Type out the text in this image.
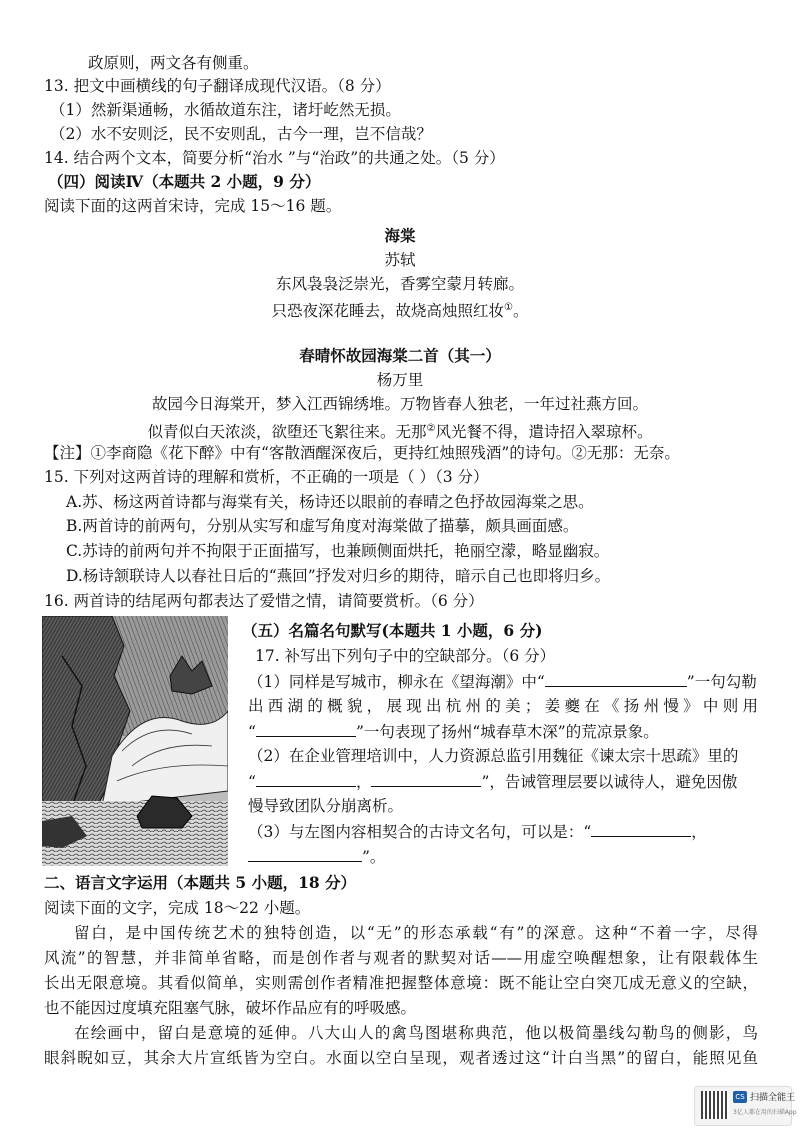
政原则，两文各有侧重。
13. 把文中画横线的句子翻译成现代汉语。（8 分）
（1）然新渠通畅，水循故道东注，诸圩屹然无损。
（2）水不安则泛，民不安则乱，古今一理，岂不信哉？
14. 结合两个文本，简要分析“治水 ”与“治政”的共通之处。（5 分）
（四）阅读Ⅳ（本题共 2 小题，9 分）
阅读下面的这两首宋诗，完成 15～16 题。
海棠
苏轼
东风袅袅泛崇光，香雾空蒙月转廊。
只恐夜深花睡去，故烧高烛照红妆①。
春晴怀故园海棠二首（其一）
杨万里
故园今日海棠开，梦入江西锦绣堆。万物皆春人独老，一年过社燕方回。
似青似白天浓淡，欲堕还飞絮往来。无那②风光餐不得，遣诗招入翠琼杯。
【注】①李商隐《花下醉》中有“客散酒醒深夜后，更持红烛照残酒”的诗句。②无那：无奈。
15. 下列对这两首诗的理解和赏析，不正确的一项是（ ）（3 分）
A.苏、杨这两首诗都与海棠有关，杨诗还以眼前的春晴之色抒故园海棠之思。
B.两首诗的前两句，分别从实写和虚写角度对海棠做了描摹，颇具画面感。
C.苏诗的前两句并不拘限于正面描写，也兼顾侧面烘托，艳丽空濛，略显幽寂。
D.杨诗颔联诗人以春社日后的“燕回”抒发对归乡的期待，暗示自己也即将归乡。
16. 两首诗的结尾两句都表达了爱惜之情，请简要赏析。（6 分）
（五）名篇名句默写(本题共 1 小题，6 分)
17. 补写出下列句子中的空缺部分。（6 分）
（1）同样是写城市，柳永在《望海潮》中“	”一句勾勒
出西湖的概貌，展现出杭州的美；姜夔在《扬州慢》中则用
“	”一句表现了扬州“城春草木深”的荒凉景象。
（2）在企业管理培训中，人力资源总监引用魏征《谏太宗十思疏》里的
“	，	”，告诫管理层要以诚待人，避免因傲
慢导致团队分崩离析。
（3）与左图内容相契合的古诗文名句，可以是：“	，
”。
二、语言文字运用（本题共 5 小题，18 分）
阅读下面的文字，完成 18～22 小题。
留白，是中国传统艺术的独特创造，以“无”的形态承载“有”的深意。这种“不着一字，尽得
风流”的智慧，并非简单省略，而是创作者与观者的默契对话——用虚空唤醒想象，让有限载体生
长出无限意境。其看似简单，实则需创作者精准把握整体意境：既不能让空白突兀成无意义的空缺，
也不能因过度填充阻塞气脉，破坏作品应有的呼吸感。
在绘画中，留白是意境的延伸。八大山人的禽鸟图堪称典范，他以极简墨线勾勒鸟的侧影，鸟
眼斜睨如豆，其余大片宣纸皆为空白。水面以空白呈现，观者透过这“计白当黑”的留白，能照见鱼
CS 扫描全能王
3亿人都在用的扫描App
